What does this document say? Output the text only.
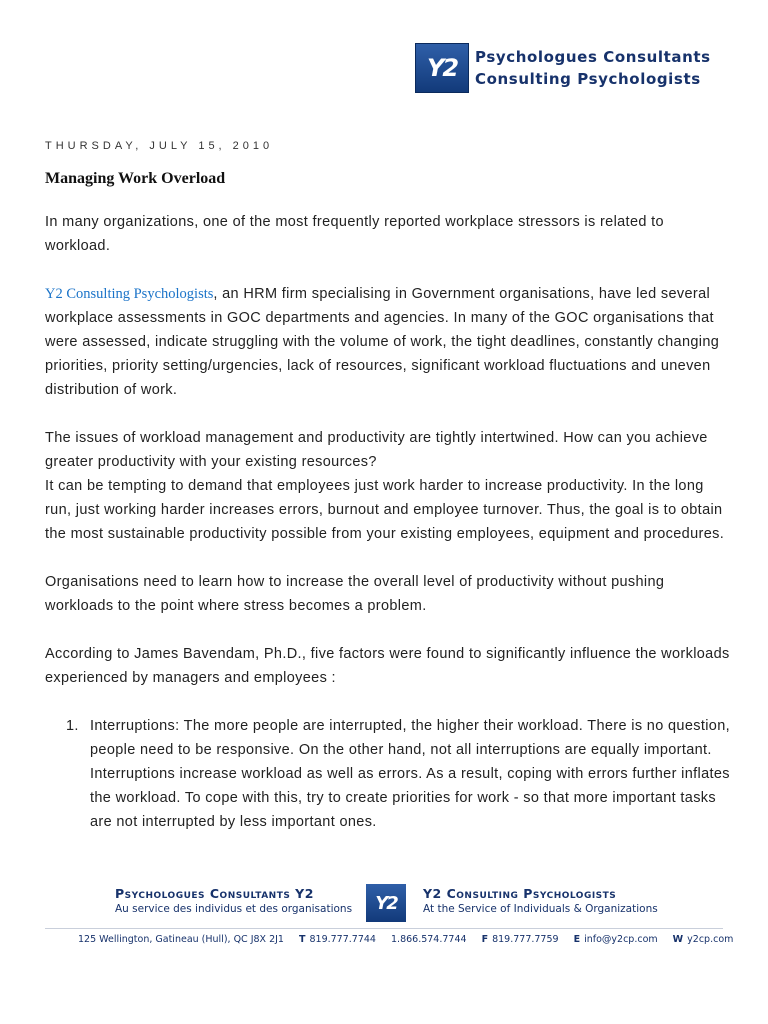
Y2 Psychologues Consultants
Consulting Psychologists
THURSDAY, JULY 15, 2010
Managing Work Overload

In many organizations, one of the most frequently reported workplace stressors is related to workload.

Y2 Consulting Psychologists, an HRM firm specialising in Government organisations, have led several workplace assessments in GOC departments and agencies. In many of the GOC organisations that were assessed, indicate struggling with the volume of work, the tight deadlines, constantly changing priorities, priority setting/urgencies, lack of resources, significant workload fluctuations and uneven distribution of work.

The issues of workload management and productivity are tightly intertwined. How can you achieve greater productivity with your existing resources?
It can be tempting to demand that employees just work harder to increase productivity. In the long run, just working harder increases errors, burnout and employee turnover. Thus, the goal is to obtain the most sustainable productivity possible from your existing employees, equipment and procedures.

Organisations need to learn how to increase the overall level of productivity without pushing workloads to the point where stress becomes a problem.

According to James Bavendam, Ph.D., five factors were found to significantly influence the workloads experienced by managers and employees :

1. Interruptions: The more people are interrupted, the higher their workload. There is no question, people need to be responsive. On the other hand, not all interruptions are equally important. Interruptions increase workload as well as errors. As a result, coping with errors further inflates the workload. To cope with this, try to create priorities for work - so that more important tasks are not interrupted by less important ones.
Psychologues Consultants Y2
Au service des individus et des organisations Y2 Y2 Consulting Psychologists
At the Service of Individuals & Organizations
125 Wellington, Gatineau (Hull), QC J8X 2J1 T 819.777.7744 1.866.574.7744 F 819.777.7759 E info@y2cp.com W y2cp.com
